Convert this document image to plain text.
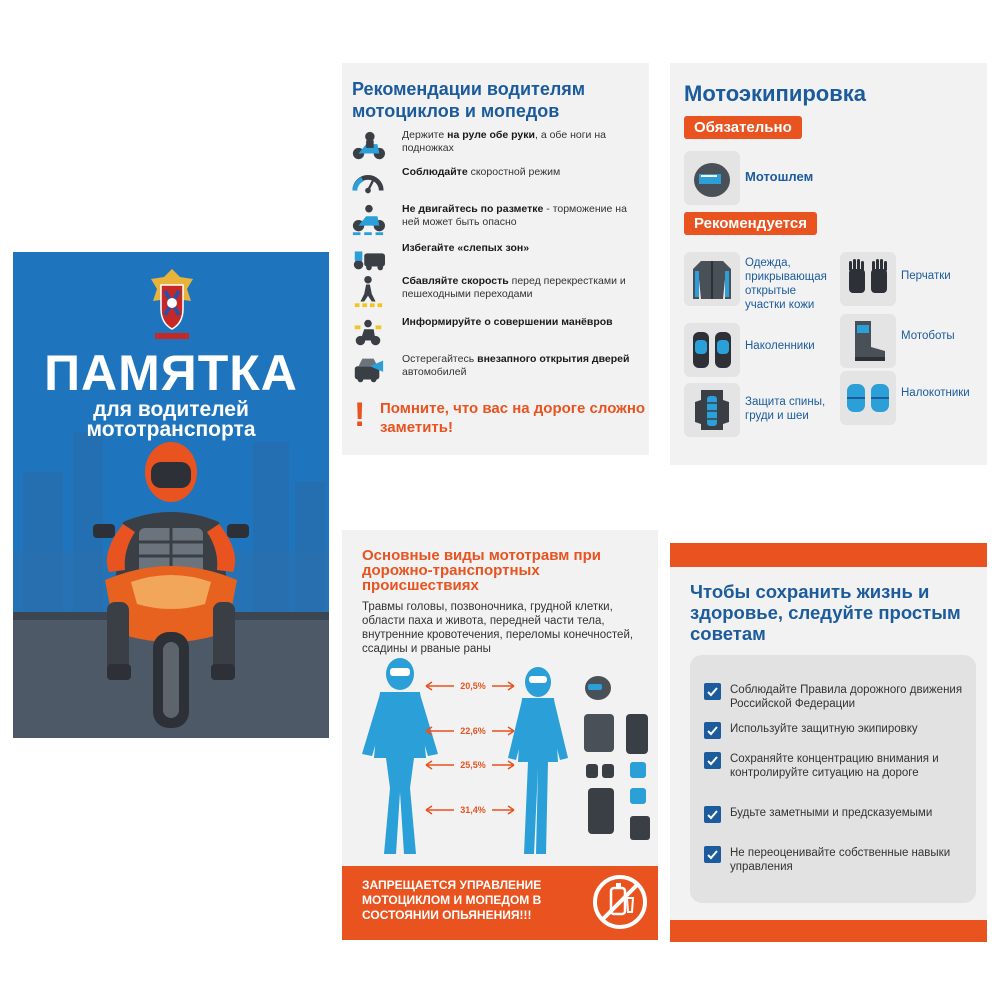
ПАМЯТКА
для водителей
мототранспорта
Рекомендации водителям мотоциклов и мопедов
Держите на руле обе руки, а обе ноги на подножках
Соблюдайте скоростной режим
Не двигайтесь по разметке - торможение на ней может быть опасно
Избегайте «слепых зон»
Сбавляйте скорость перед перекрестками и пешеходными переходами
Информируйте о совершении манёвров
Остерегайтесь внезапного открытия дверей автомобилей
! Помните, что вас на дороге сложно заметить!
Мотоэкипировка
Обязательно
Мотошлем
Рекомендуется
Одежда, прикрывающая открытые участки кожи
Перчатки
Наколенники
Мотоботы
Защита спины, груди и шеи
Налокотники
Основные виды мототравм при дорожно-транспортных происшествиях
Травмы головы, позвоночника, грудной клетки, области паха и живота, передней части тела, внутренние кровотечения, переломы конечностей, ссадины и рваные раны
20,5%
22,6%
25,5%
31,4%
ЗАПРЕЩАЕТСЯ УПРАВЛЕНИЕ МОТОЦИКЛОМ И МОПЕДОМ В СОСТОЯНИИ ОПЬЯНЕНИЯ!!!
Чтобы сохранить жизнь и здоровье, следуйте простым советам
Соблюдайте Правила дорожного движения Российской Федерации
Используйте защитную экипировку
Сохраняйте концентрацию внимания и контролируйте ситуацию на дороге
Будьте заметными и предсказуемыми
Не переоценивайте собственные навыки управления
